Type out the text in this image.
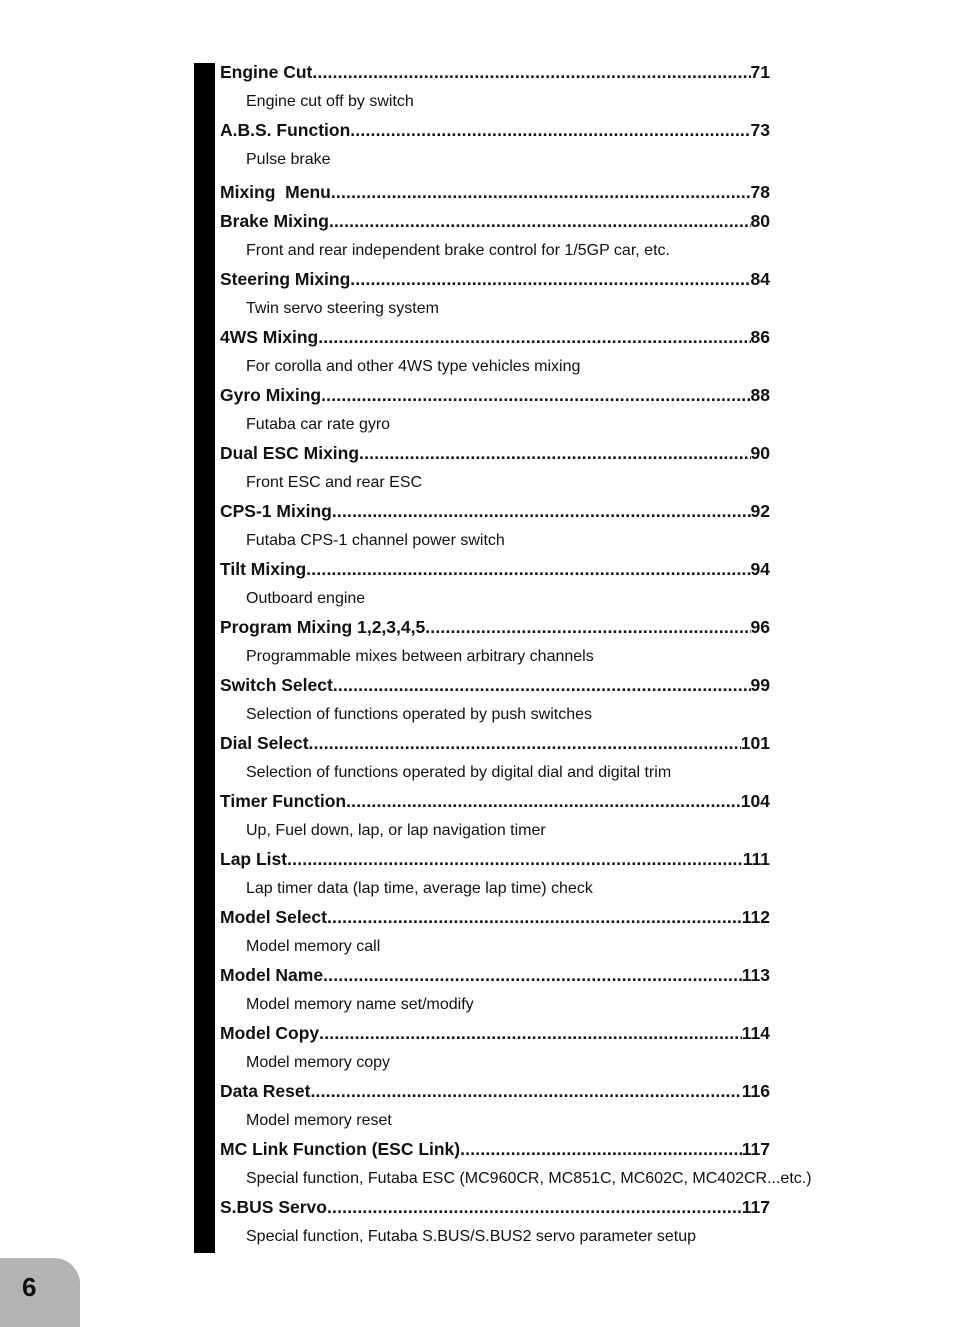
Engine Cut .....	71
Engine cut off by switch
A.B.S. Function .....	73
Pulse brake
Mixing  Menu .....	78
Brake Mixing .....	80
Front and rear independent brake control for 1/5GP car, etc.
Steering Mixing .....	84
Twin servo steering system
4WS Mixing .....	86
For corolla and other 4WS type vehicles mixing
Gyro Mixing .....	88
Futaba car rate gyro
Dual ESC Mixing .....	90
Front ESC and rear ESC
CPS-1 Mixing .....	92
Futaba CPS-1 channel power switch
Tilt Mixing .....	94
Outboard engine
Program Mixing 1,2,3,4,5 .....	96
Programmable mixes between arbitrary channels
Switch Select .....	99
Selection of functions operated by push switches
Dial Select .....	101
Selection of functions operated by digital dial and digital trim
Timer Function .....	104
Up, Fuel down, lap, or lap navigation timer
Lap List .....	111
Lap timer data (lap time, average lap time) check
Model Select .....	112
Model memory call
Model Name .....	113
Model memory name set/modify
Model Copy .....	114
Model memory copy
Data Reset .....	116
Model memory reset
MC Link Function (ESC Link) .....	117
Special function, Futaba ESC (MC960CR, MC851C, MC602C, MC402CR...etc.)
S.BUS Servo .....	117
Special function, Futaba S.BUS/S.BUS2 servo parameter setup
6
